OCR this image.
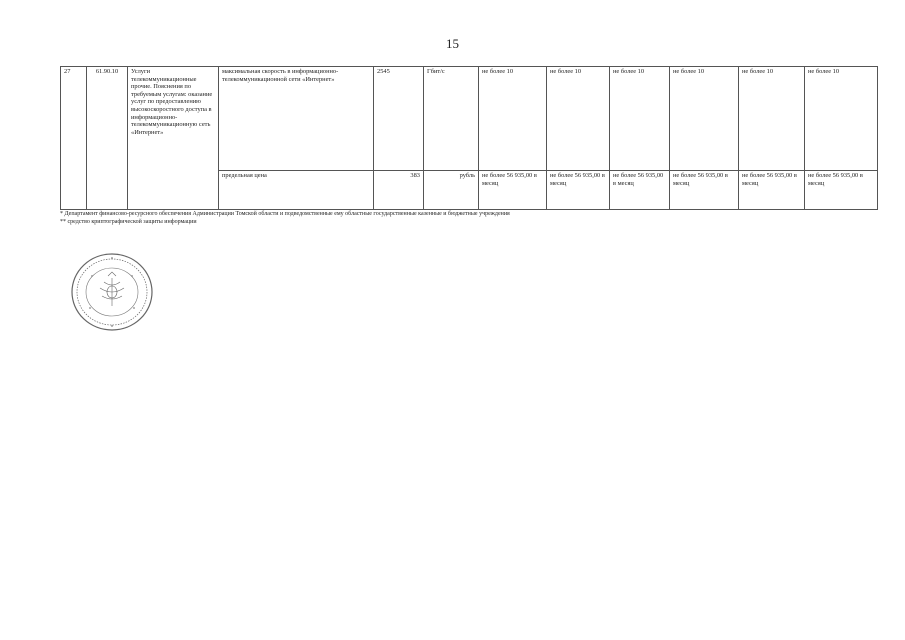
15
27	61.90.10	Услуги телекоммуникационные прочие. Пояснения по требуемым услугам: оказание услуг по предоставлению высокоскоростного доступа в информационно-телекоммуникационную сеть «Интернет»	максимальная скорость в информационно-телекоммуникационной сети «Интернет»	2545	Гбит/с	не более 10	не более 10	не более 10	не более 10	не более 10	не более 10
			предельная цена	383	рубль	не более 56 935,00 в месяц	не более 56 935,00 в месяц	не более 56 935,00 в месяц	не более 56 935,00 в месяц	не более 56 935,00 в месяц	не более 56 935,00 в месяц
* Департамент финансово-ресурсного обеспечения Администрации Томской области и подведомственные ему областные государственные казенные и бюджетные учреждения
** средство криптографической защиты информации
